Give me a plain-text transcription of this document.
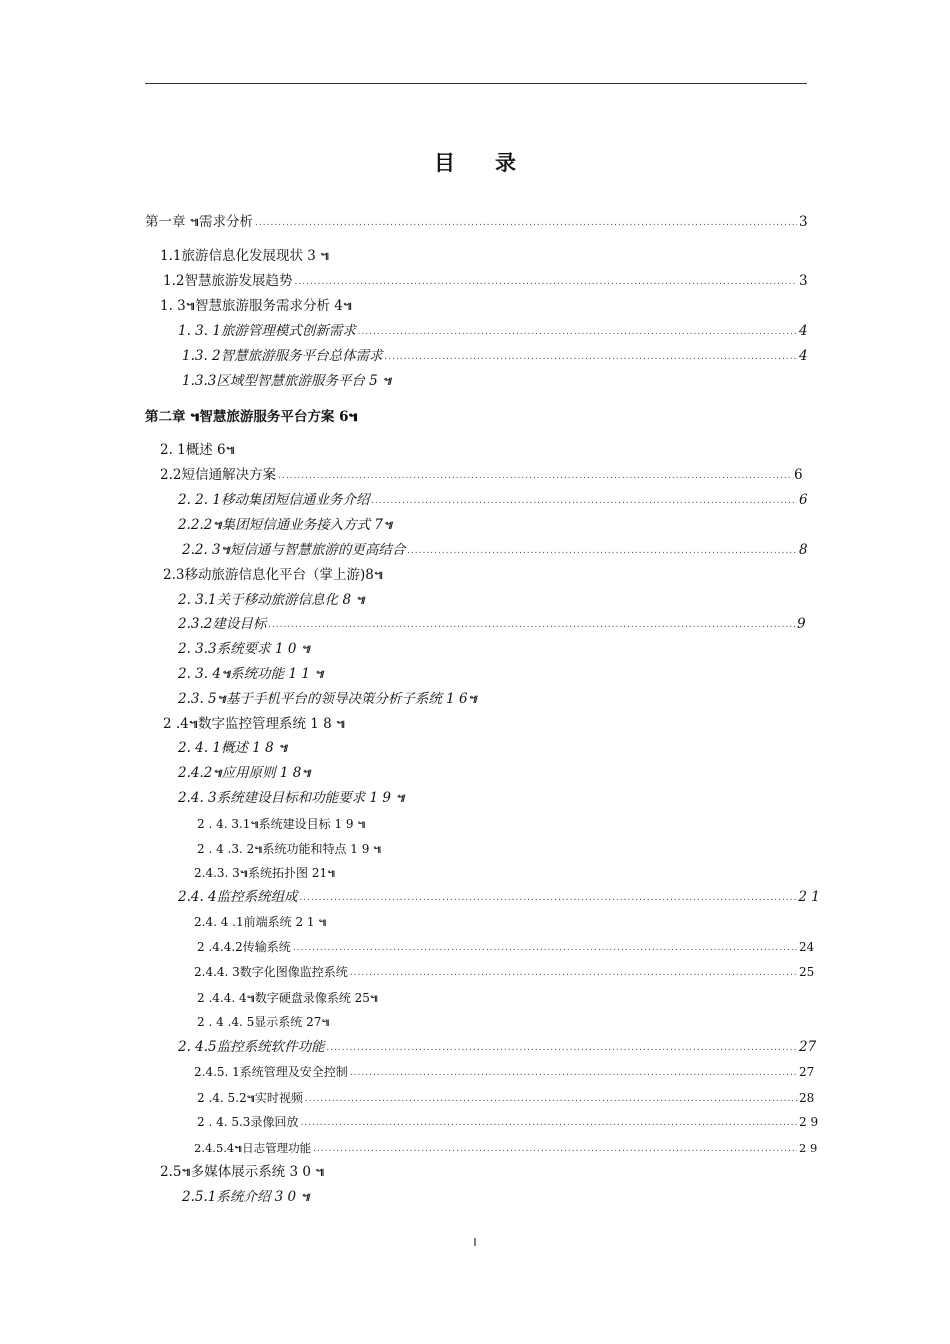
目录
第一章 ๚需求分析 .....	3
1.1 旅游信息化发展现状 3 ๚
1.2 智慧旅游发展趋势 .....	3
1. 3 ๚智慧旅游服务需求分析 4๚
1. 3. 1 旅游管理模式创新需求 .....	4
1.3. 2 智慧旅游服务平台总体需求 .....	4
1.3.3 区域型智慧旅游服务平台 5 ๚
第二章 ๚智慧旅游服务平台方案 6๚
2. 1 概述 6๚
2.2 短信通解决方案 .....	6
2. 2. 1 移动集团短信通业务介绍 .....	6
2.2.2 ๚集团短信通业务接入方式 7๚
2.2. 3 ๚短信通与智慧旅游的更高结合 .....	8
2.3 移动旅游信息化平台（掌上游)8๚
2. 3.1 关于移动旅游信息化 8 ๚
2.3.2 建设目标 .....	9
2. 3.3 系统要求 1 0 ๚
2. 3. 4 ๚系统功能 1 1 ๚
2.3. 5 ๚基于手机平台的领导决策分析子系统 1 6๚
2 .4 ๚数字监控管理系统 1 8 ๚
2. 4. 1 概述 1 8 ๚
2.4.2 ๚应用原则 1 8๚
2.4. 3 系统建设目标和功能要求 1 9 ๚
2 . 4. 3.1 ๚系统建设目标 1 9 ๚
2 . 4 .3. 2 ๚系统功能和特点 1 9 ๚
2.4.3. 3 ๚系统拓扑图 21๚
2.4. 4 监控系统组成 .....	2 1
2.4. 4 .1 前端系统 2 1 ๚
2 .4.4.2 传输系统 .....	24
2.4.4. 3 数字化图像监控系统 .....	25
2 .4.4. 4 ๚数字硬盘录像系统 25๚
2 . 4 .4. 5 显示系统 27๚
2. 4.5 监控系统软件功能 .....	27
2.4.5. 1 系统管理及安全控制 .....	27
2 .4. 5.2 ๚实时视频 .....	28
2 . 4. 5.3 录像回放 .....	2 9
2.4.5.4 ๚日志管理功能 .....	2 9
2.5 ๚多媒体展示系统 3 0 ๚
2.5.1 系统介绍 3 0 ๚
I
